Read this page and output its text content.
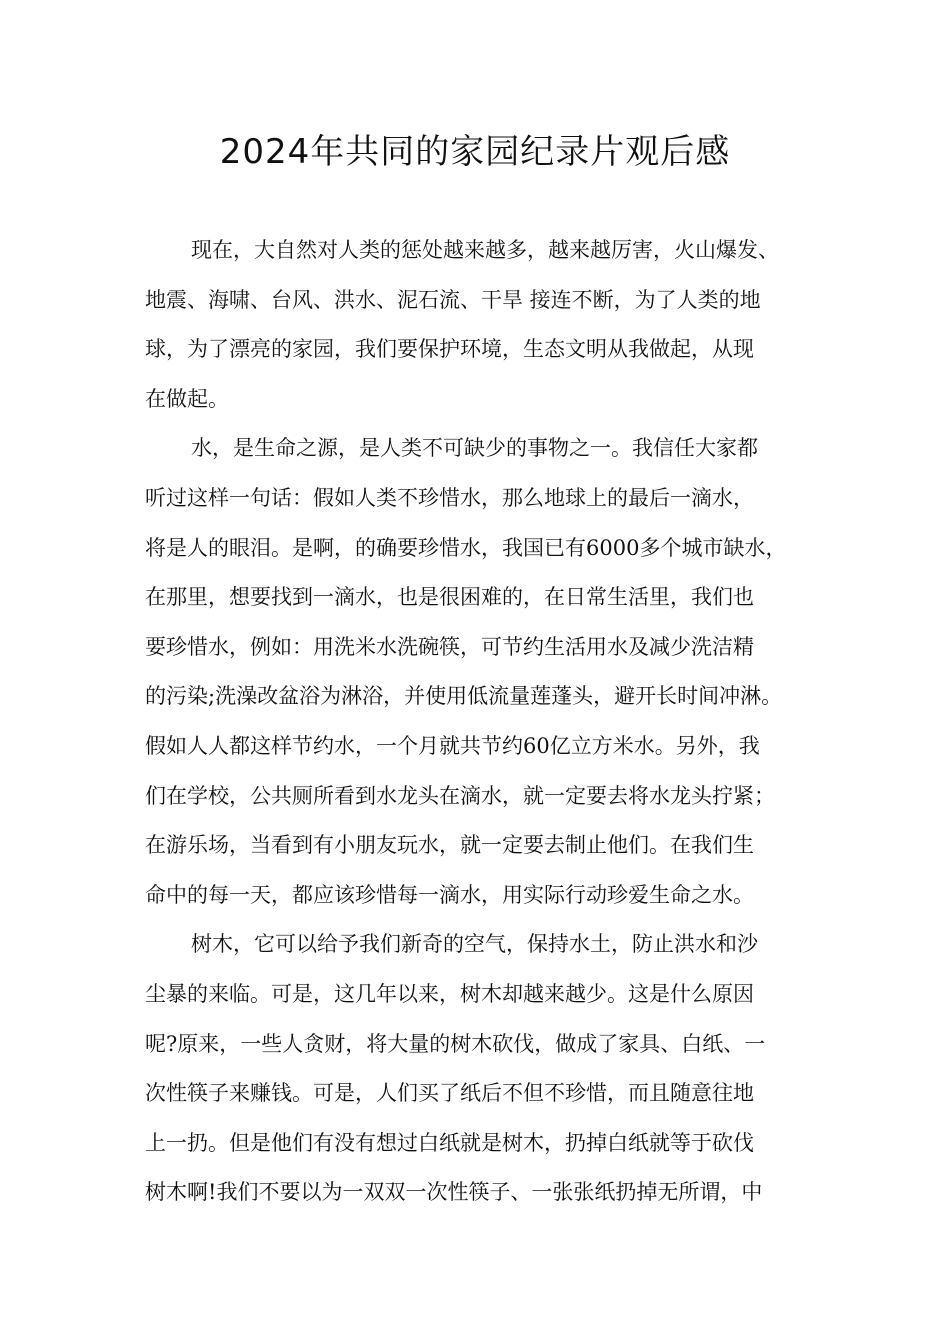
2024年共同的家园纪录片观后感
现在，大自然对人类的惩处越来越多，越来越厉害，火山爆发、
地震、海啸、台风、洪水、泥石流、干旱 接连不断，为了人类的地
球，为了漂亮的家园，我们要保护环境，生态文明从我做起，从现
在做起。
水，是生命之源，是人类不可缺少的事物之一。我信任大家都
听过这样一句话：假如人类不珍惜水，那么地球上的最后一滴水，
将是人的眼泪。是啊，的确要珍惜水，我国已有6000多个城市缺水，
在那里，想要找到一滴水，也是很困难的，在日常生活里，我们也
要珍惜水，例如：用洗米水洗碗筷，可节约生活用水及减少洗洁精
的污染;洗澡改盆浴为淋浴，并使用低流量莲蓬头，避开长时间冲淋。
假如人人都这样节约水，一个月就共节约60亿立方米水。另外，我
们在学校，公共厕所看到水龙头在滴水，就一定要去将水龙头拧紧；
在游乐场，当看到有小朋友玩水，就一定要去制止他们。在我们生
命中的每一天，都应该珍惜每一滴水，用实际行动珍爱生命之水。
树木，它可以给予我们新奇的空气，保持水土，防止洪水和沙
尘暴的来临。可是，这几年以来，树木却越来越少。这是什么原因
呢?原来，一些人贪财，将大量的树木砍伐，做成了家具、白纸、一
次性筷子来赚钱。可是，人们买了纸后不但不珍惜，而且随意往地
上一扔。但是他们有没有想过白纸就是树木，扔掉白纸就等于砍伐
树木啊!我们不要以为一双双一次性筷子、一张张纸扔掉无所谓，中
